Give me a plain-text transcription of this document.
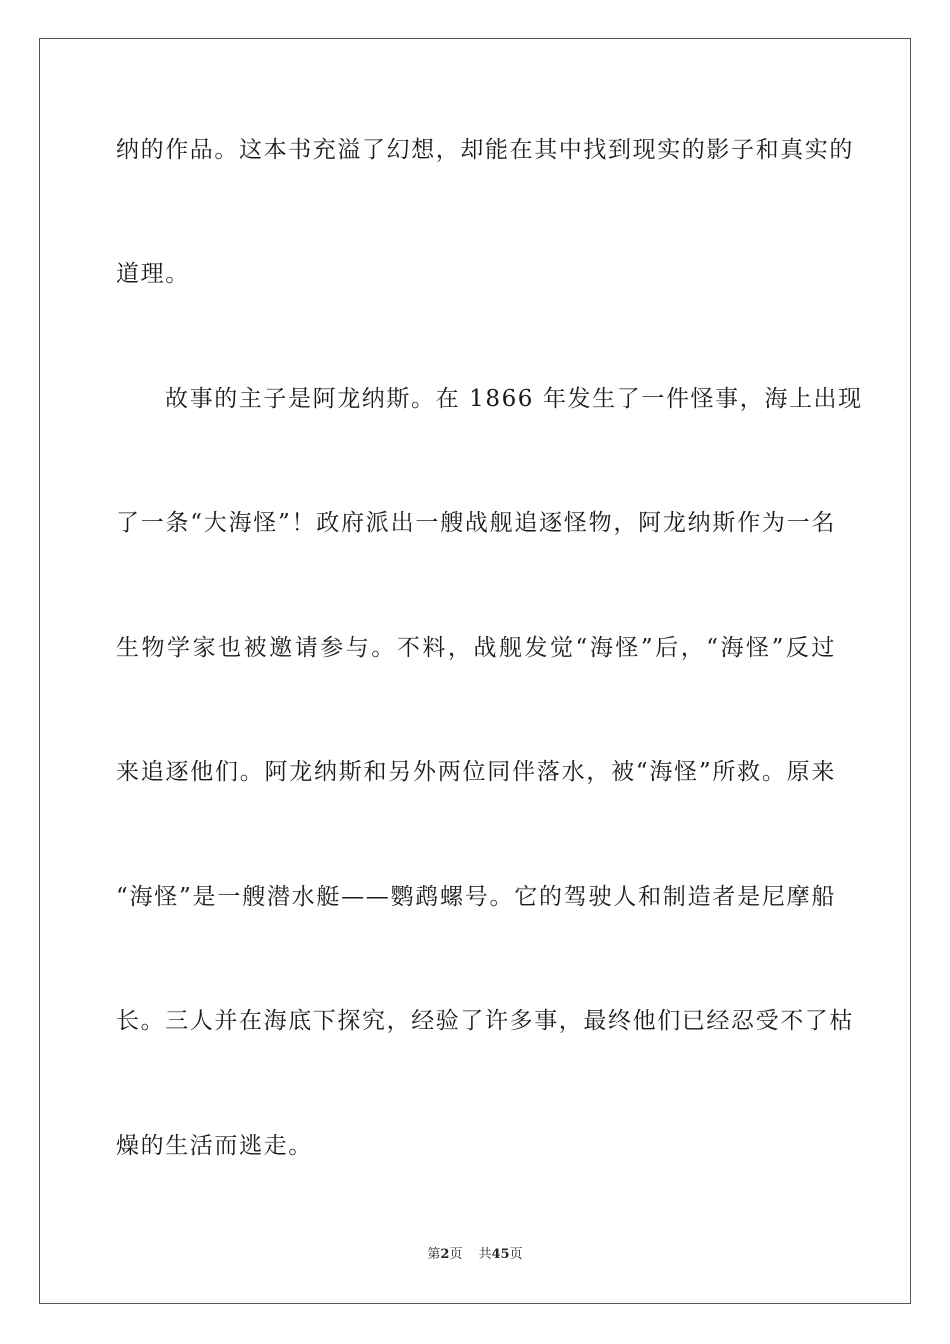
纳的作品。这本书充溢了幻想，却能在其中找到现实的影子和真实的
道理。
故事的主子是阿龙纳斯。在 1866 年发生了一件怪事，海上出现
了一条“大海怪”！政府派出一艘战舰追逐怪物，阿龙纳斯作为一名
生物学家也被邀请参与。不料，战舰发觉“海怪”后，“海怪”反过
来追逐他们。阿龙纳斯和另外两位同伴落水，被“海怪”所救。原来
“海怪”是一艘潜水艇——鹦鹉螺号。它的驾驶人和制造者是尼摩船
长。三人并在海底下探究，经验了许多事，最终他们已经忍受不了枯
燥的生活而逃走。
第2页 共45页
